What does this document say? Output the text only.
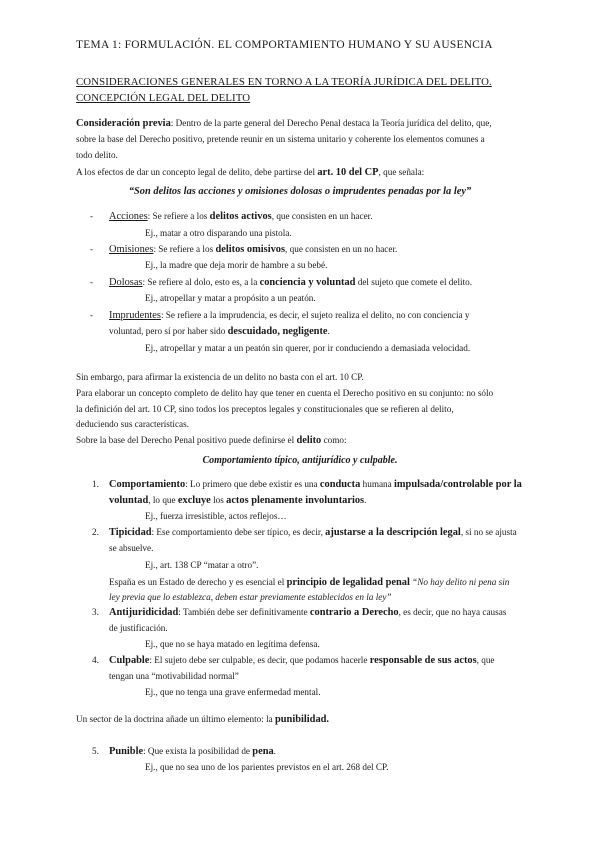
TEMA 1: FORMULACIÓN. EL COMPORTAMIENTO HUMANO Y SU AUSENCIA
CONSIDERACIONES GENERALES EN TORNO A LA TEORÍA JURÍDICA DEL DELITO.
CONCEPCIÓN LEGAL DEL DELITO
Consideración previa: Dentro de la parte general del Derecho Penal destaca la Teoría jurídica del delito, que,
sobre la base del Derecho positivo, pretende reunir en un sistema unitario y coherente los elementos comunes a
todo delito.
A los efectos de dar un concepto legal de delito, debe partirse del art. 10 del CP, que señala:
“Son delitos las acciones y omisiones dolosas o imprudentes penadas por la ley”
- Acciones: Se refiere a los delitos activos, que consisten en un hacer.
Ej., matar a otro disparando una pistola.
- Omisiones: Se refiere a los delitos omisivos, que consisten en un no hacer.
Ej., la madre que deja morir de hambre a su bebé.
- Dolosas: Se refiere al dolo, esto es, a la conciencia y voluntad del sujeto que comete el delito.
Ej., atropellar y matar a propósito a un peatón.
- Imprudentes: Se refiere a la imprudencia, es decir, el sujeto realiza el delito, no con conciencia y
voluntad, pero sí por haber sido descuidado, negligente.
Ej., atropellar y matar a un peatón sin querer, por ir conduciendo a demasiada velocidad.
Sin embargo, para afirmar la existencia de un delito no basta con el art. 10 CP.
Para elaborar un concepto completo de delito hay que tener en cuenta el Derecho positivo en su conjunto: no sólo
la definición del art. 10 CP, sino todos los preceptos legales y constitucionales que se refieren al delito,
deduciendo sus características.
Sobre la base del Derecho Penal positivo puede definirse el delito como:
Comportamiento típico, antijurídico y culpable.
1. Comportamiento: Lo primero que debe existir es una conducta humana impulsada/controlable por la
voluntad, lo que excluye los actos plenamente involuntarios.
Ej., fuerza irresistible, actos reflejos…
2. Tipicidad: Ese comportamiento debe ser típico, es decir, ajustarse a la descripción legal, si no se ajusta
se absuelve.
Ej., art. 138 CP “matar a otro”.
España es un Estado de derecho y es esencial el principio de legalidad penal “No hay delito ni pena sin
ley previa que lo establezca, deben estar previamente establecidos en la ley”
3. Antijuridicidad: También debe ser definitivamente contrario a Derecho, es decir, que no haya causas
de justificación.
Ej., que no se haya matado en legítima defensa.
4. Culpable: El sujeto debe ser culpable, es decir, que podamos hacerle responsable de sus actos, que
tengan una “motivabilidad normal”
Ej., que no tenga una grave enfermedad mental.
Un sector de la doctrina añade un último elemento: la punibilidad.
5. Punible: Que exista la posibilidad de pena.
Ej., que no sea uno de los parientes previstos en el art. 268 del CP.
